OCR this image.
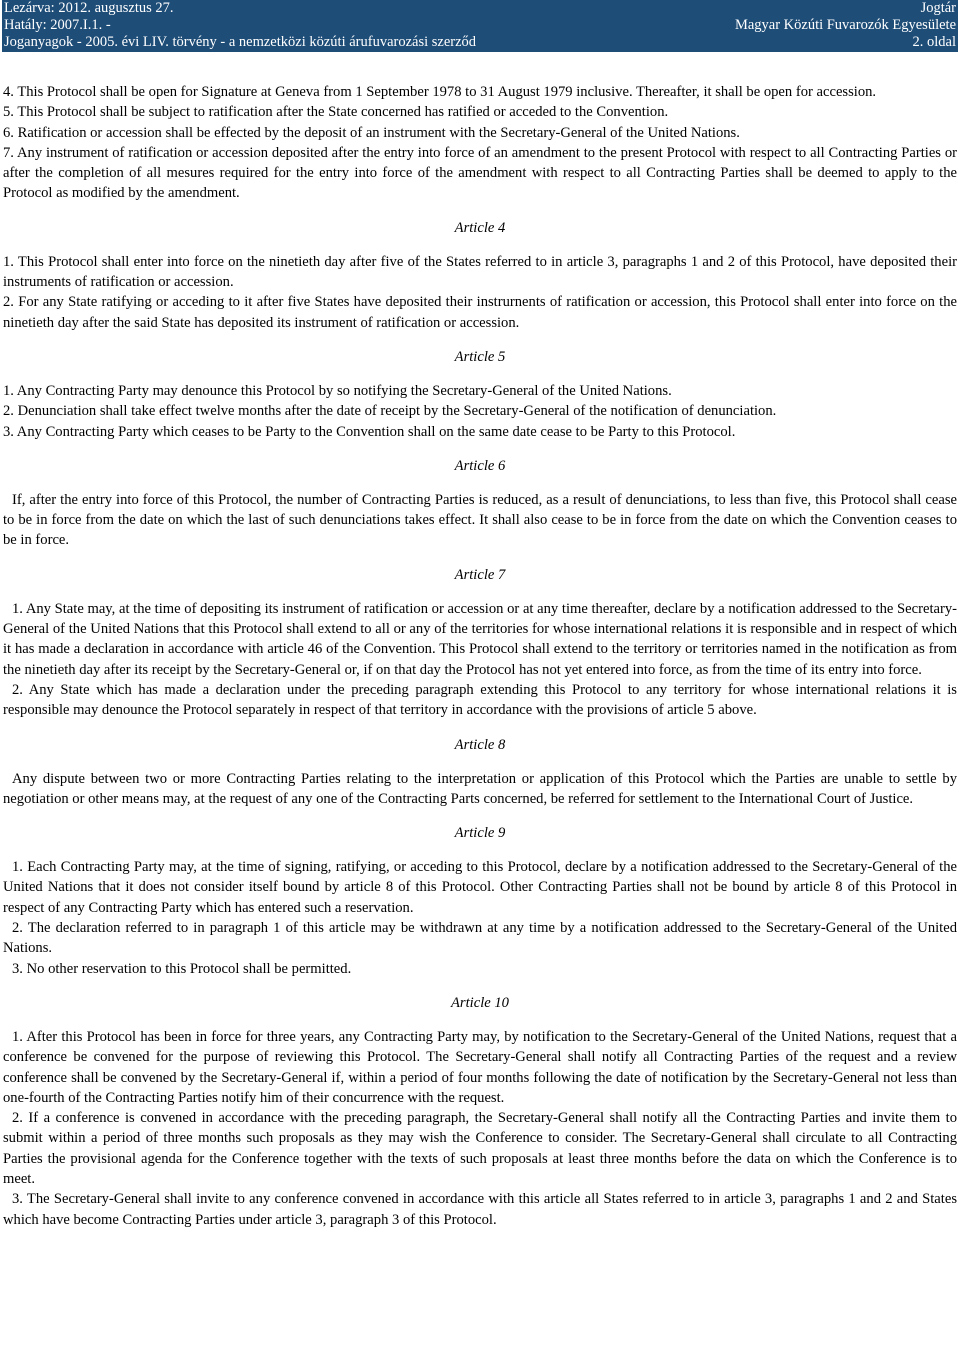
Lezárva: 2012. augusztus 27.	Jogtár
Hatály: 2007.I.1. -	Magyar Közúti Fuvarozók Egyesülete
Joganyagok - 2005. évi LIV. törvény - a nemzetközi közúti árufuvarozási szerződ	2. oldal

4. This Protocol shall be open for Signature at Geneva from 1 September 1978 to 31 August 1979 inclusive. Thereafter, it shall be open for accession.

5. This Protocol shall be subject to ratification after the State concerned has ratified or acceded to the Convention.

6. Ratification or accession shall be effected by the deposit of an instrument with the Secretary-General of the United Nations.

7. Any instrument of ratification or accession deposited after the entry into force of an amendment to the present Protocol with respect to all Contracting Parties or after the completion of all mesures required for the entry into force of the amendment with respect to all Contracting Parties shall be deemed to apply to the Protocol as modified by the amendment.

Article 4

1. This Protocol shall enter into force on the ninetieth day after five of the States referred to in article 3, paragraphs 1 and 2 of this Protocol, have deposited their instruments of ratification or accession.

2. For any State ratifying or acceding to it after five States have deposited their instrurnents of ratification or accession, this Protocol shall enter into force on the ninetieth day after the said State has deposited its instrument of ratification or accession.

Article 5

1. Any Contracting Party may denounce this Protocol by so notifying the Secretary-General of the United Nations.

2. Denunciation shall take effect twelve months after the date of receipt by the Secretary-General of the notification of denunciation.

3. Any Contracting Party which ceases to be Party to the Convention shall on the same date cease to be Party to this Protocol.

Article 6

If, after the entry into force of this Protocol, the number of Contracting Parties is reduced, as a result of denunciations, to less than five, this Protocol shall cease to be in force from the date on which the last of such denunciations takes effect. It shall also cease to be in force from the date on which the Convention ceases to be in force.

Article 7

1. Any State may, at the time of depositing its instrument of ratification or accession or at any time thereafter, declare by a notification addressed to the Secretary-General of the United Nations that this Protocol shall extend to all or any of the territories for whose international relations it is responsible and in respect of which it has made a declaration in accordance with article 46 of the Convention. This Protocol shall extend to the territory or territories named in the notification as from the ninetieth day after its receipt by the Secretary-General or, if on that day the Protocol has not yet entered into force, as from the time of its entry into force.

2. Any State which has made a declaration under the preceding paragraph extending this Protocol to any territory for whose international relations it is responsible may denounce the Protocol separately in respect of that territory in accordance with the provisions of article 5 above.

Article 8

Any dispute between two or more Contracting Parties relating to the interpretation or application of this Protocol which the Parties are unable to settle by negotiation or other means may, at the request of any one of the Contracting Parts concerned, be referred for settlement to the International Court of Justice.

Article 9

1. Each Contracting Party may, at the time of signing, ratifying, or acceding to this Protocol, declare by a notification addressed to the Secretary-General of the United Nations that it does not consider itself bound by article 8 of this Protocol. Other Contracting Parties shall not be bound by article 8 of this Protocol in respect of any Contracting Party which has entered such a reservation.

2. The declaration referred to in paragraph 1 of this article may be withdrawn at any time by a notification addressed to the Secretary-General of the United Nations.

3. No other reservation to this Protocol shall be permitted.

Article 10

1. After this Protocol has been in force for three years, any Contracting Party may, by notification to the Secretary-General of the United Nations, request that a conference be convened for the purpose of reviewing this Protocol. The Secretary-General shall notify all Contracting Parties of the request and a review conference shall be convened by the Secretary-General if, within a period of four months following the date of notification by the Secretary-General not less than one-fourth of the Contracting Parties notify him of their concurrence with the request.

2. If a conference is convened in accordance with the preceding paragraph, the Secretary-General shall notify all the Contracting Parties and invite them to submit within a period of three months such proposals as they may wish the Conference to consider. The Secretary-General shall circulate to all Contracting Parties the provisional agenda for the Conference together with the texts of such proposals at least three months before the data on which the Conference is to meet.

3. The Secretary-General shall invite to any conference convened in accordance with this article all States referred to in article 3, paragraphs 1 and 2 and States which have become Contracting Parties under article 3, paragraph 3 of this Protocol.
